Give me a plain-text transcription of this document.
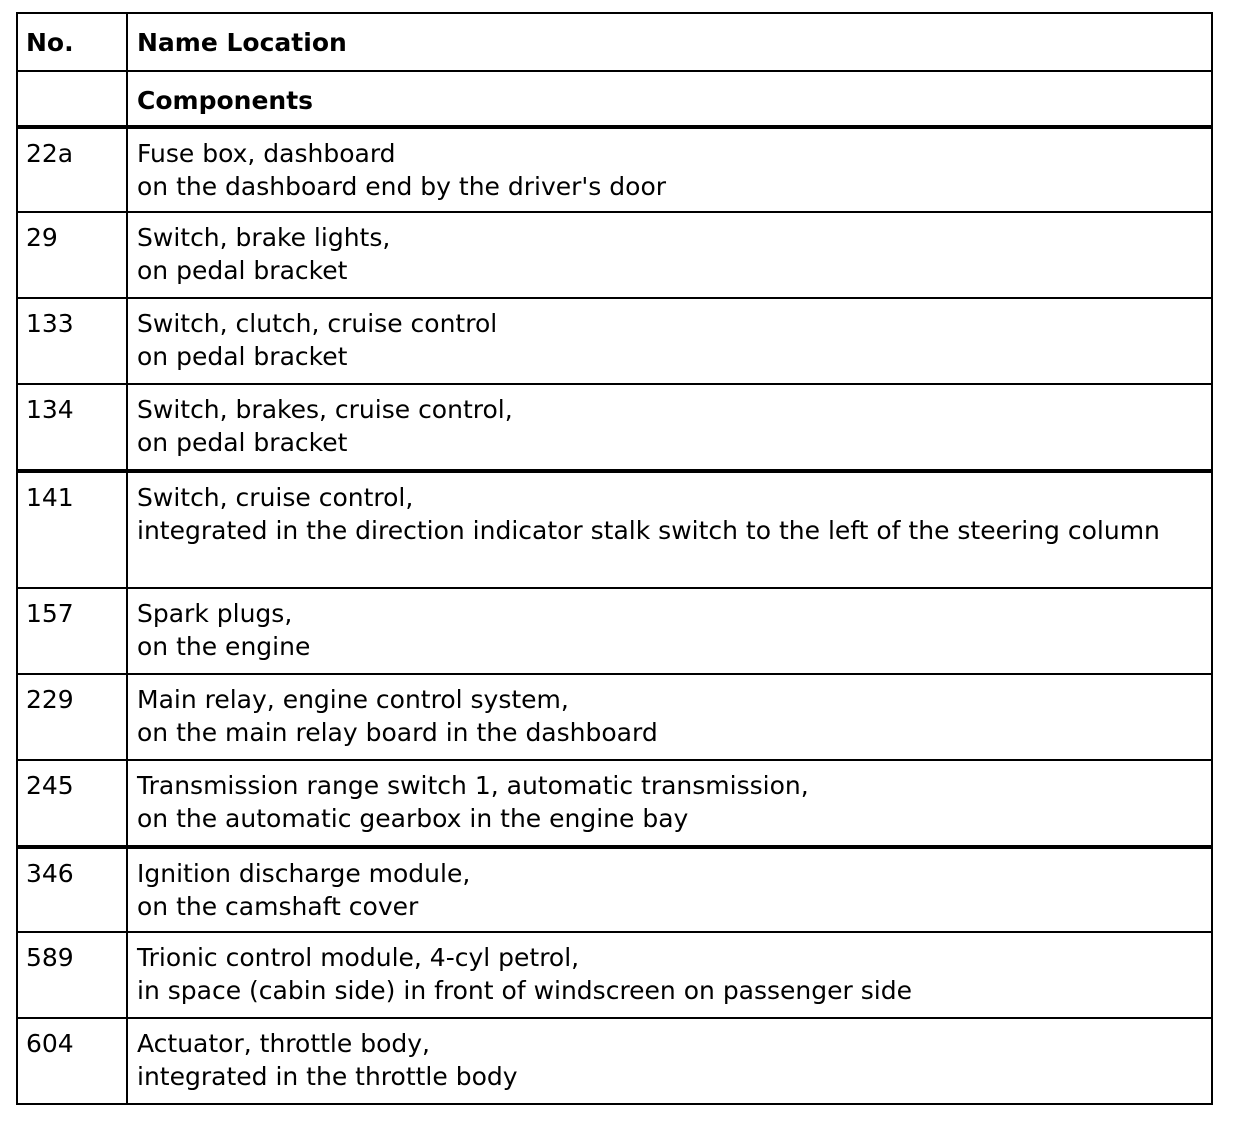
No.	Name Location
Components
22a	Fuse box, dashboard
on the dashboard end by the driver's door
29	Switch, brake lights,
on pedal bracket
133	Switch, clutch, cruise control
on pedal bracket
134	Switch, brakes, cruise control,
on pedal bracket
141	Switch, cruise control,
integrated in the direction indicator stalk switch to the left of the steering column
157	Spark plugs,
on the engine
229	Main relay, engine control system,
on the main relay board in the dashboard
245	Transmission range switch 1, automatic transmission,
on the automatic gearbox in the engine bay
346	Ignition discharge module,
on the camshaft cover
589	Trionic control module, 4-cyl petrol,
in space (cabin side) in front of windscreen on passenger side
604	Actuator, throttle body,
integrated in the throttle body
